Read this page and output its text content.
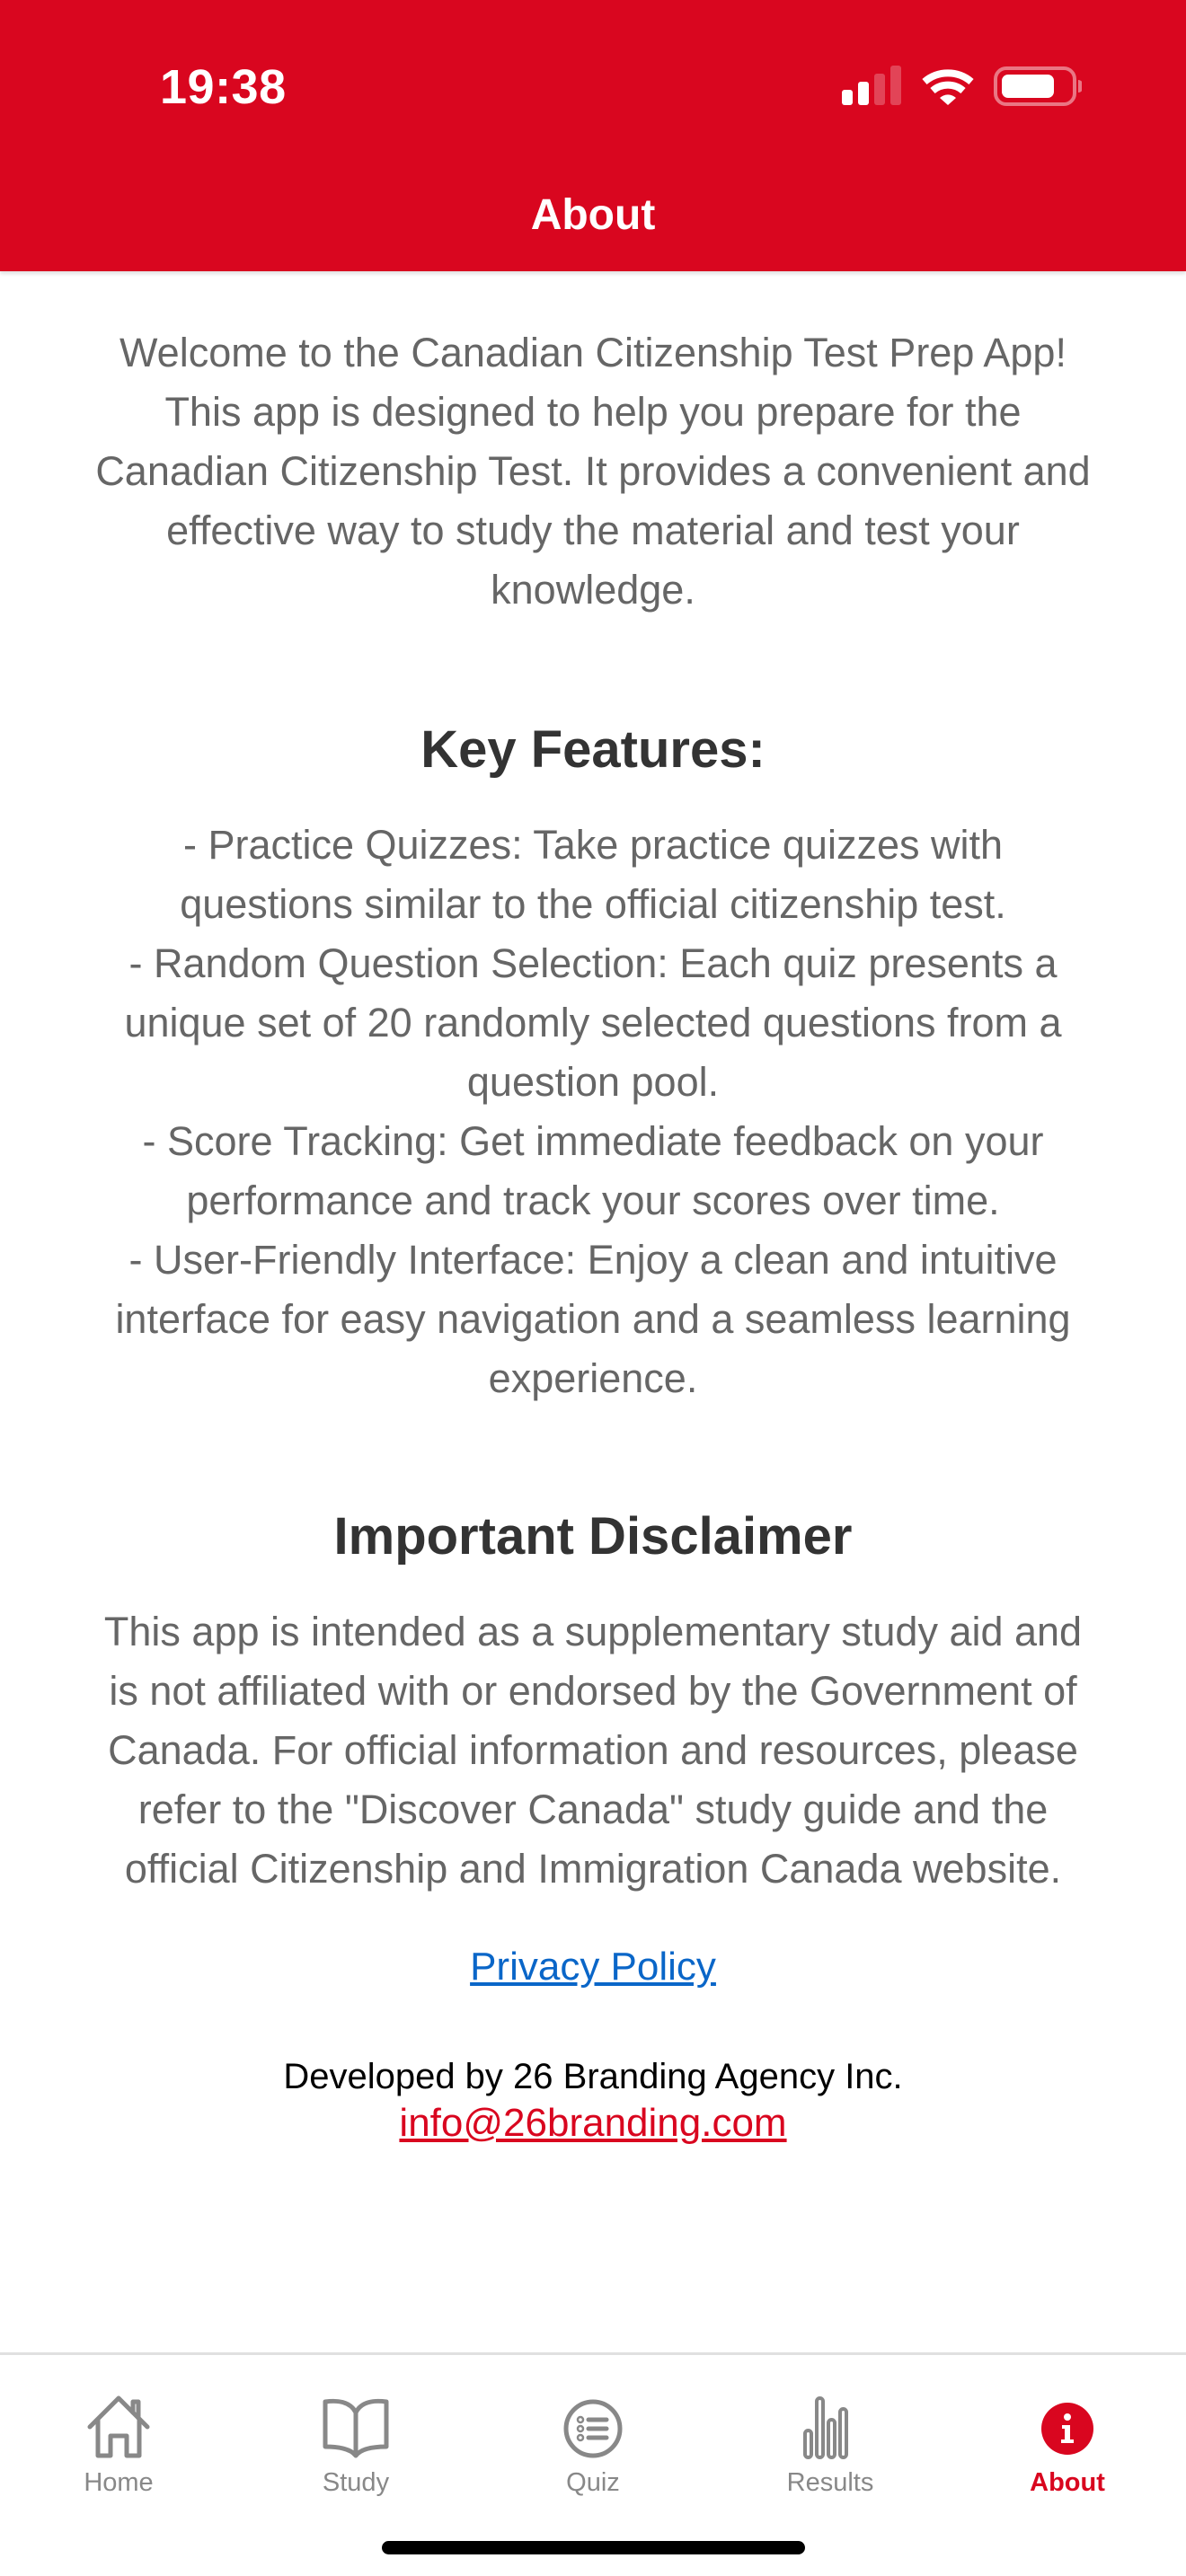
19:38
About
Welcome to the Canadian Citizenship Test Prep App!
This app is designed to help you prepare for the
Canadian Citizenship Test. It provides a convenient and
effective way to study the material and test your
knowledge.
Key Features:
- Practice Quizzes: Take practice quizzes with
questions similar to the official citizenship test.
- Random Question Selection: Each quiz presents a
unique set of 20 randomly selected questions from a
question pool.
- Score Tracking: Get immediate feedback on your
performance and track your scores over time.
- User-Friendly Interface: Enjoy a clean and intuitive
interface for easy navigation and a seamless learning
experience.
Important Disclaimer
This app is intended as a supplementary study aid and
is not affiliated with or endorsed by the Government of
Canada. For official information and resources, please
refer to the "Discover Canada" study guide and the
official Citizenship and Immigration Canada website.
Privacy Policy
Developed by 26 Branding Agency Inc.
info@26branding.com
Home	Study	Quiz	Results	About
